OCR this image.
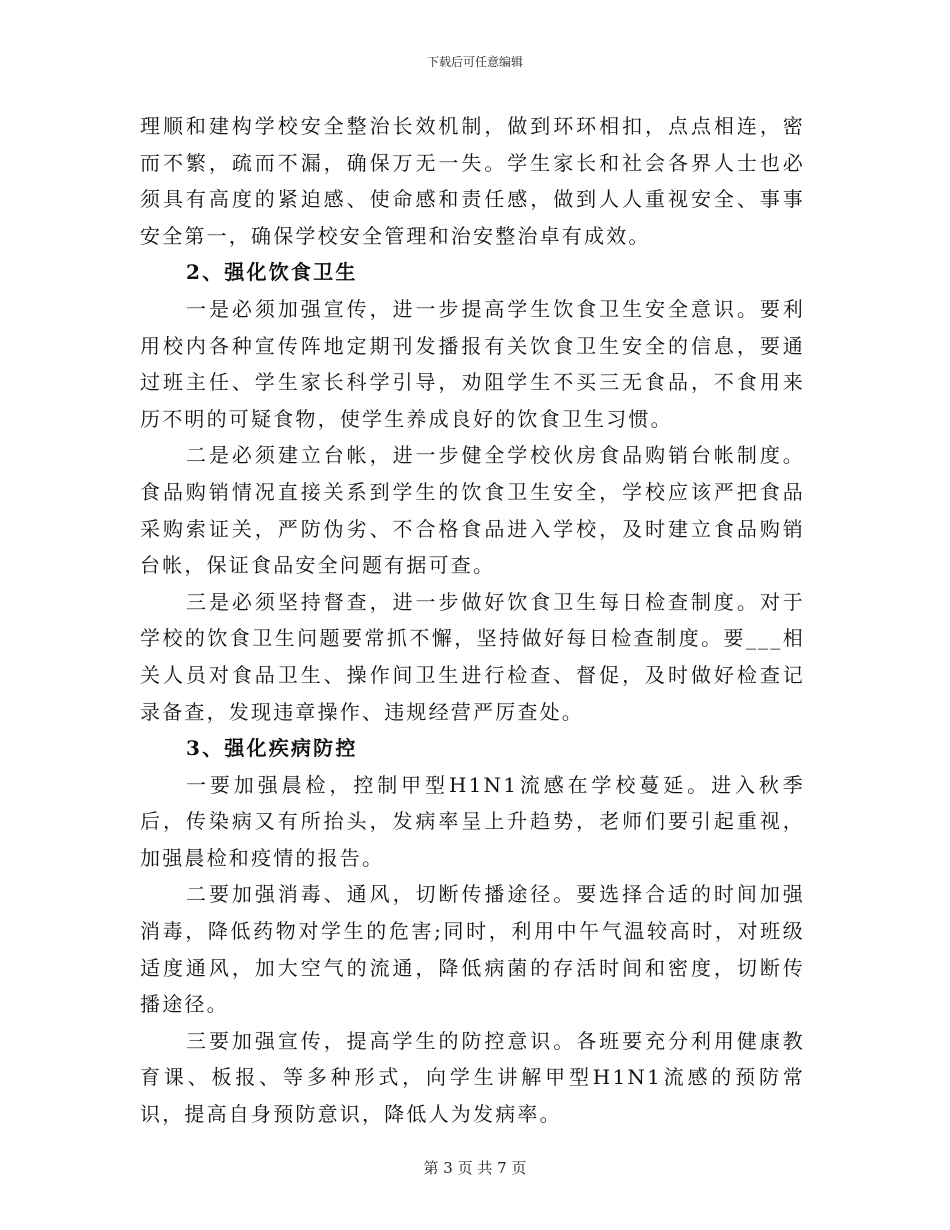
下载后可任意编辑

理顺和建构学校安全整治长效机制，做到环环相扣，点点相连，密而不繁，疏而不漏，确保万无一失。学生家长和社会各界人士也必须具有高度的紧迫感、使命感和责任感，做到人人重视安全、事事安全第一，确保学校安全管理和治安整治卓有成效。

2、强化饮食卫生

一是必须加强宣传，进一步提高学生饮食卫生安全意识。要利用校内各种宣传阵地定期刊发播报有关饮食卫生安全的信息，要通过班主任、学生家长科学引导，劝阻学生不买三无食品，不食用来历不明的可疑食物，使学生养成良好的饮食卫生习惯。

二是必须建立台帐，进一步健全学校伙房食品购销台帐制度。食品购销情况直接关系到学生的饮食卫生安全，学校应该严把食品采购索证关，严防伪劣、不合格食品进入学校，及时建立食品购销台帐，保证食品安全问题有据可查。

三是必须坚持督查，进一步做好饮食卫生每日检查制度。对于学校的饮食卫生问题要常抓不懈，坚持做好每日检查制度。要___相关人员对食品卫生、操作间卫生进行检查、督促，及时做好检查记录备查，发现违章操作、违规经营严厉查处。

3、强化疾病防控

一要加强晨检，控制甲型H1N1流感在学校蔓延。进入秋季后，传染病又有所抬头，发病率呈上升趋势，老师们要引起重视，加强晨检和疫情的报告。

二要加强消毒、通风，切断传播途径。要选择合适的时间加强消毒，降低药物对学生的危害;同时，利用中午气温较高时，对班级适度通风，加大空气的流通，降低病菌的存活时间和密度，切断传播途径。

三要加强宣传，提高学生的防控意识。各班要充分利用健康教育课、板报、等多种形式，向学生讲解甲型H1N1流感的预防常识，提高自身预防意识，降低人为发病率。

第 3 页 共 7 页
